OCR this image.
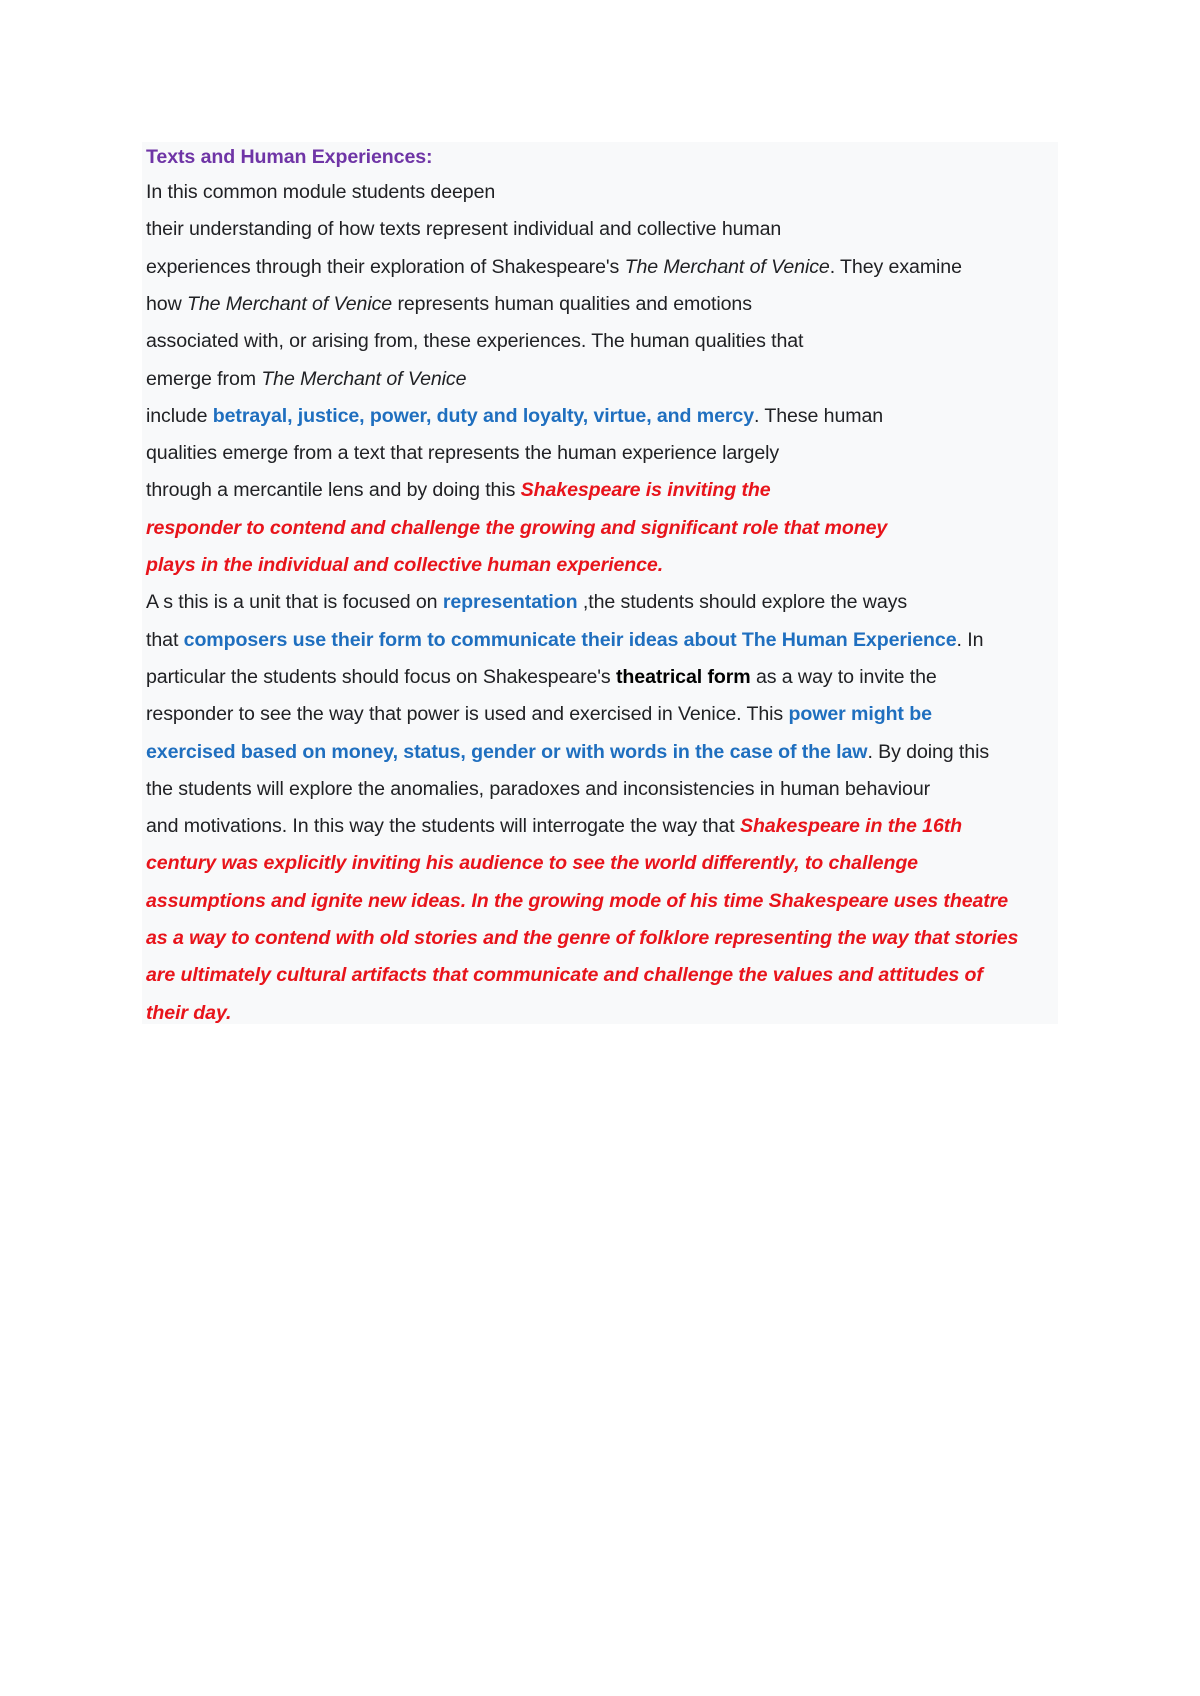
Texts and Human Experiences:
In this common module students deepen
their understanding of how texts represent individual and collective human
experiences through their exploration of Shakespeare's The Merchant of Venice. They examine
how The Merchant of Venice represents human qualities and emotions
associated with, or arising from, these experiences. The human qualities that
emerge from The Merchant of Venice
include betrayal, justice, power, duty and loyalty, virtue, and mercy. These human
qualities emerge from a text that represents the human experience largely
through a mercantile lens and by doing this Shakespeare is inviting the
responder to contend and challenge the growing and significant role that money
plays in the individual and collective human experience.
A s this is a unit that is focused on representation ,the students should explore the ways
that composers use their form to communicate their ideas about The Human Experience. In
particular the students should focus on Shakespeare's theatrical form as a way to invite the
responder to see the way that power is used and exercised in Venice. This power might be
exercised based on money, status, gender or with words in the case of the law. By doing this
the students will explore the anomalies, paradoxes and inconsistencies in human behaviour
and motivations. In this way the students will interrogate the way that Shakespeare in the 16th
century was explicitly inviting his audience to see the world differently, to challenge
assumptions and ignite new ideas. In the growing mode of his time Shakespeare uses theatre
as a way to contend with old stories and the genre of folklore representing the way that stories
are ultimately cultural artifacts that communicate and challenge the values and attitudes of
their day.
